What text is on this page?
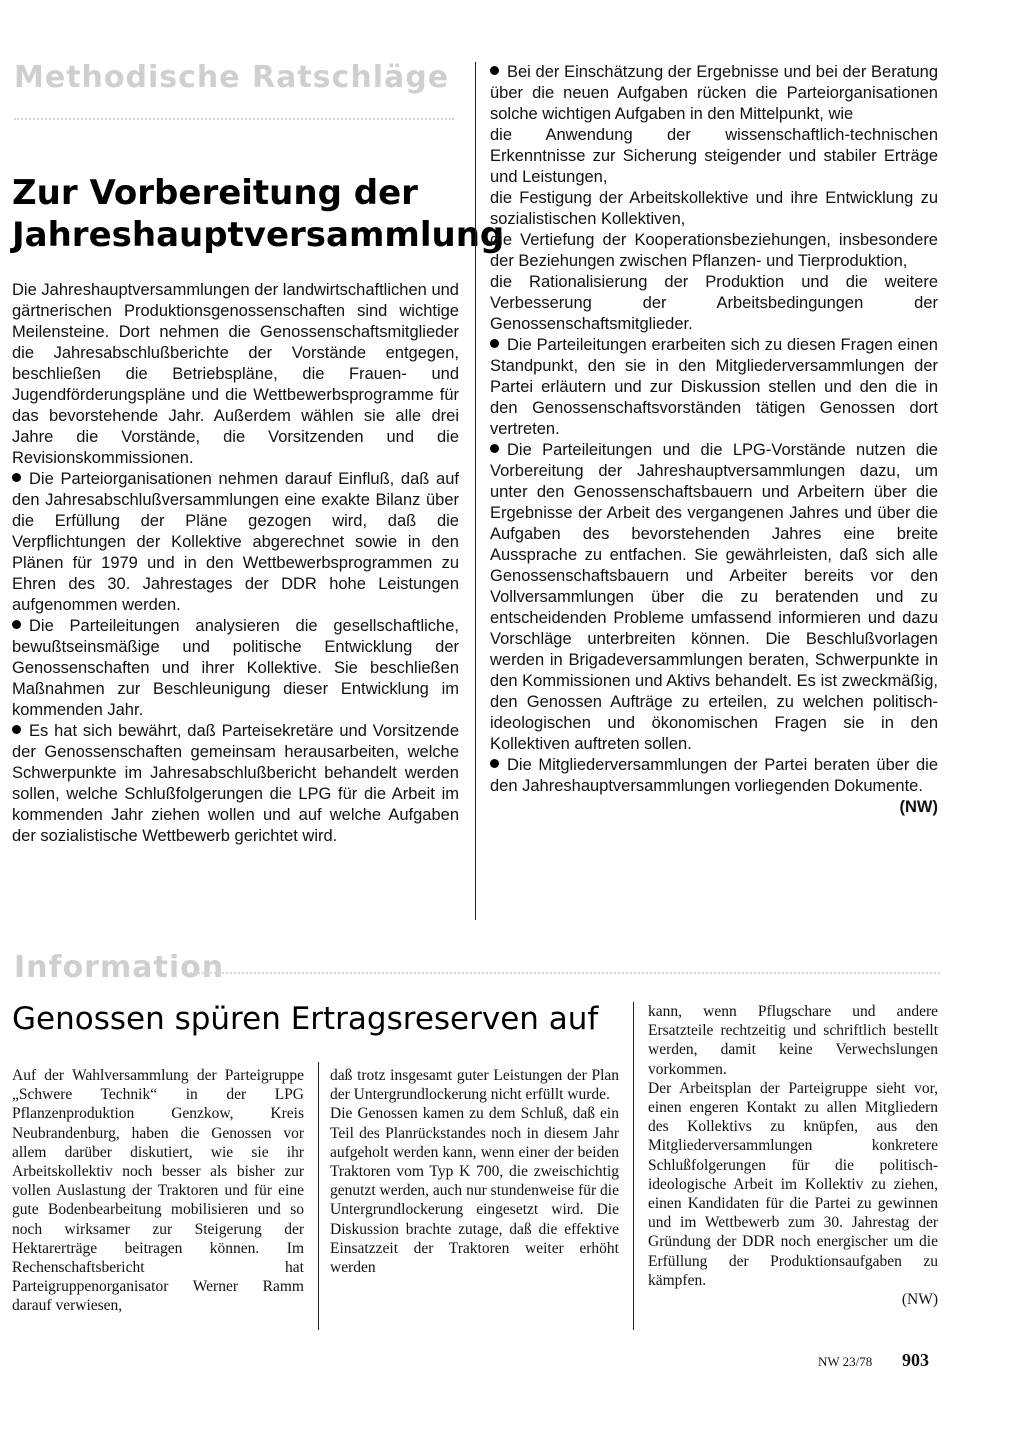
Methodische Ratschläge
Zur Vorbereitung der
Jahreshauptversammlung

Die Jahreshauptversammlungen der landwirtschaftlichen und gärtnerischen Produktionsgenossenschaften sind wichtige Meilensteine. Dort nehmen die Genossenschaftsmitglieder die Jahresabschlußberichte der Vorstände entgegen, beschließen die Betriebspläne, die Frauen- und Jugendförderungspläne und die Wettbewerbsprogramme für das bevorstehende Jahr. Außerdem wählen sie alle drei Jahre die Vorstände, die Vorsitzenden und die Revisionskommissionen.

Die Parteiorganisationen nehmen darauf Einfluß, daß auf den Jahresabschlußversammlungen eine exakte Bilanz über die Erfüllung der Pläne gezogen wird, daß die Verpflichtungen der Kollektive abgerechnet sowie in den Plänen für 1979 und in den Wettbewerbsprogrammen zu Ehren des 30. Jahrestages der DDR hohe Leistungen aufgenommen werden.

Die Parteileitungen analysieren die gesellschaftliche, bewußtseinsmäßige und politische Entwicklung der Genossenschaften und ihrer Kollektive. Sie beschließen Maßnahmen zur Beschleunigung dieser Entwicklung im kommenden Jahr.

Es hat sich bewährt, daß Parteisekretäre und Vorsitzende der Genossenschaften gemeinsam herausarbeiten, welche Schwerpunkte im Jahresabschlußbericht behandelt werden sollen, welche Schlußfolgerungen die LPG für die Arbeit im kommenden Jahr ziehen wollen und auf welche Aufgaben der sozialistische Wettbewerb gerichtet wird.

Bei der Einschätzung der Ergebnisse und bei der Beratung über die neuen Aufgaben rücken die Parteiorganisationen solche wichtigen Aufgaben in den Mittelpunkt, wie

die Anwendung der wissenschaftlich-technischen Erkenntnisse zur Sicherung steigender und stabiler Erträge und Leistungen,

die Festigung der Arbeitskollektive und ihre Entwicklung zu sozialistischen Kollektiven,

die Vertiefung der Kooperationsbeziehungen, insbesondere der Beziehungen zwischen Pflanzen- und Tierproduktion,

die Rationalisierung der Produktion und die weitere Verbesserung der Arbeitsbedingungen der Genossenschaftsmitglieder.

Die Parteileitungen erarbeiten sich zu diesen Fragen einen Standpunkt, den sie in den Mitgliederversammlungen der Partei erläutern und zur Diskussion stellen und den die in den Genossenschaftsvorständen tätigen Genossen dort vertreten.

Die Parteileitungen und die LPG-Vorstände nutzen die Vorbereitung der Jahreshauptversammlungen dazu, um unter den Genossenschaftsbauern und Arbeitern über die Ergebnisse der Arbeit des vergangenen Jahres und über die Aufgaben des bevorstehenden Jahres eine breite Aussprache zu entfachen. Sie gewährleisten, daß sich alle Genossenschaftsbauern und Arbeiter bereits vor den Vollversammlungen über die zu beratenden und zu entscheidenden Probleme umfassend informieren und dazu Vorschläge unterbreiten können. Die Beschlußvorlagen werden in Brigadeversammlungen beraten, Schwerpunkte in den Kommissionen und Aktivs behandelt. Es ist zweckmäßig, den Genossen Aufträge zu erteilen, zu welchen politisch-ideologischen und ökonomischen Fragen sie in den Kollektiven auftreten sollen.

Die Mitgliederversammlungen der Partei beraten über die den Jahreshauptversammlungen vorliegenden Dokumente.

(NW)
Information
Genossen spüren Ertragsreserven auf

Auf der Wahlversammlung der Parteigruppe „Schwere Technik“ in der LPG Pflanzenproduktion Genzkow, Kreis Neubrandenburg, haben die Genossen vor allem darüber diskutiert, wie sie ihr Arbeitskollektiv noch besser als bisher zur vollen Auslastung der Traktoren und für eine gute Bodenbearbeitung mobilisieren und so noch wirksamer zur Steigerung der Hektarerträge beitragen können. Im Rechenschaftsbericht hat Parteigruppenorganisator Werner Ramm darauf verwiesen,

daß trotz insgesamt guter Leistungen der Plan der Untergrundlockerung nicht erfüllt wurde.

Die Genossen kamen zu dem Schluß, daß ein Teil des Planrückstandes noch in diesem Jahr aufgeholt werden kann, wenn einer der beiden Traktoren vom Typ K 700, die zweischichtig genutzt werden, auch nur stundenweise für die Untergrundlockerung eingesetzt wird. Die Diskussion brachte zutage, daß die effektive Einsatzzeit der Traktoren weiter erhöht werden

kann, wenn Pflugschare und andere Ersatzteile rechtzeitig und schriftlich bestellt werden, damit keine Verwechslungen vorkommen.

Der Arbeitsplan der Parteigruppe sieht vor, einen engeren Kontakt zu allen Mitgliedern des Kollektivs zu knüpfen, aus den Mitgliederversammlungen konkretere Schlußfolgerungen für die politisch-ideologische Arbeit im Kollektiv zu ziehen, einen Kandidaten für die Partei zu gewinnen und im Wettbewerb zum 30. Jahrestag der Gründung der DDR noch energischer um die Erfüllung der Produktionsaufgaben zu kämpfen.

(NW)
NW 23/78 903
